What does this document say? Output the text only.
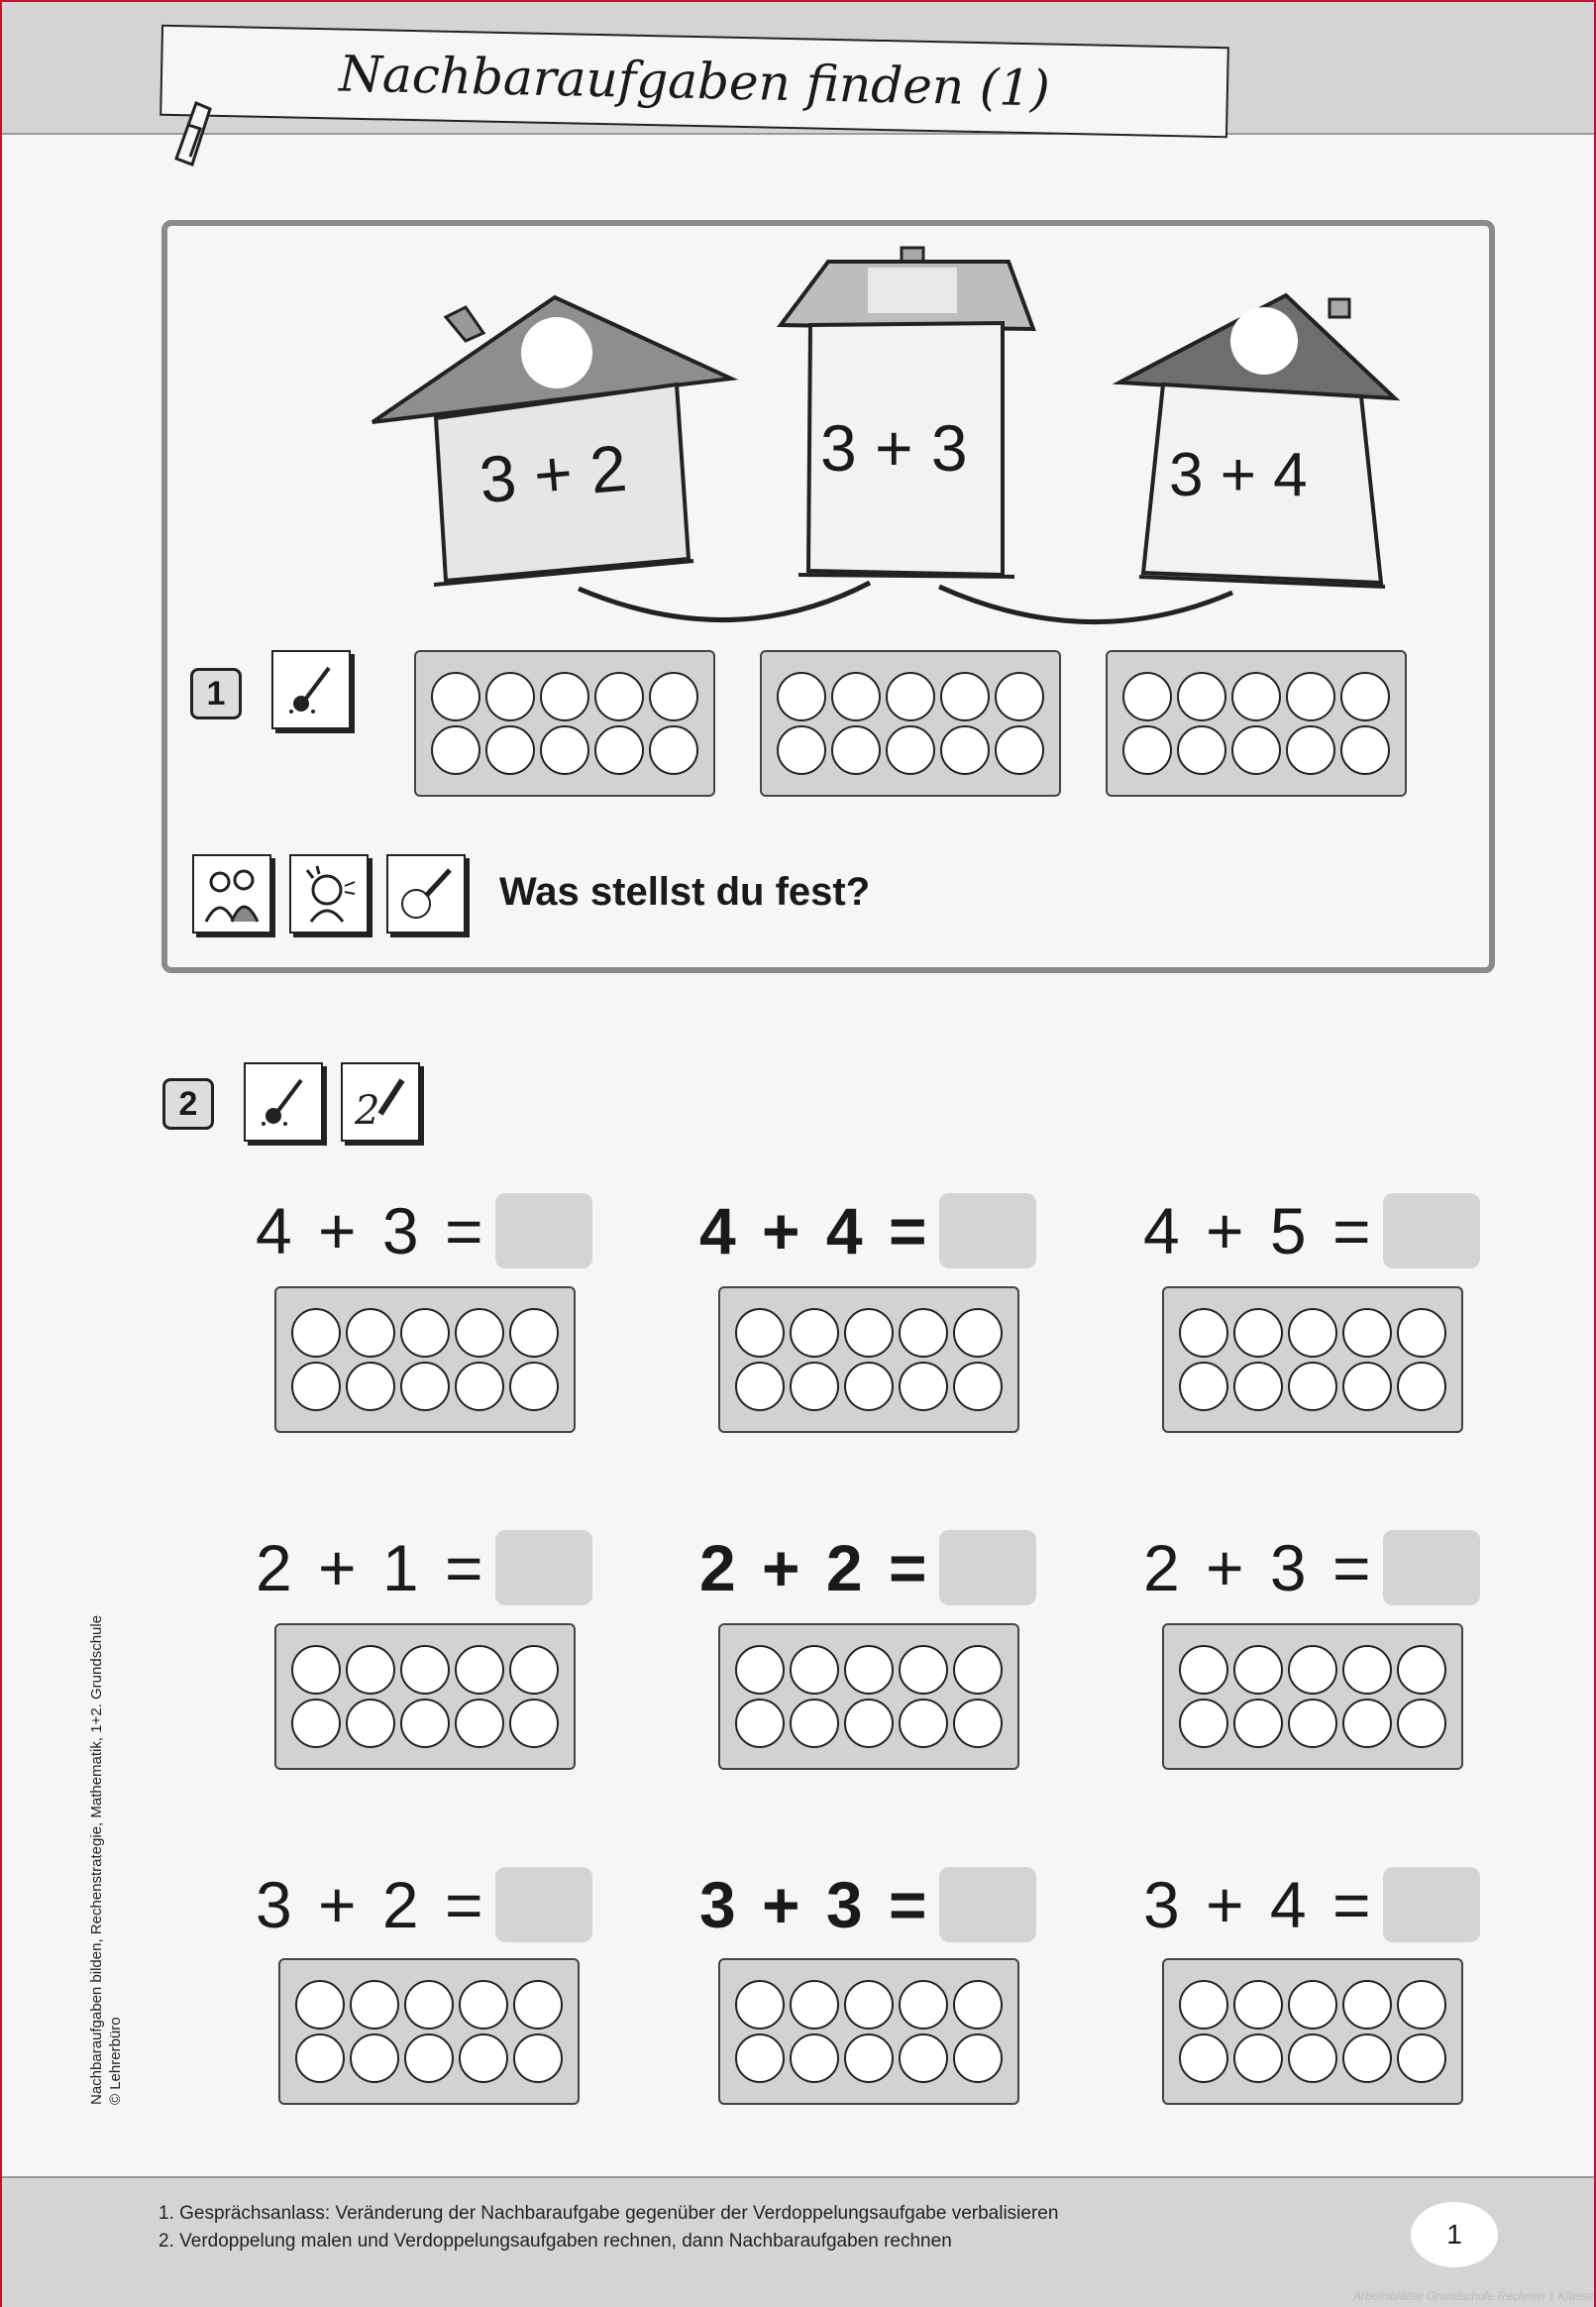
Nachbaraufgaben finden (1)
3 + 2	3 + 3	3 + 4
1
Was stellst du fest?
2	2
4 + 3 =	4 + 4 =	4 + 5 =
2 + 1 =	2 + 2 =	2 + 3 =
3 + 2 =	3 + 3 =	3 + 4 =
Nachbaraufgaben bilden, Rechenstrategie, Mathematik, 1+2. Grundschule © Lehrerbüro
1. Gesprächsanlass: Veränderung der Nachbaraufgabe gegenüber der Verdoppelungsaufgabe verbalisieren
2. Verdoppelung malen und Verdoppelungsaufgaben rechnen, dann Nachbaraufgaben rechnen	1
Arbeitsblätter Grundschule Rechnen 1 Klasse
